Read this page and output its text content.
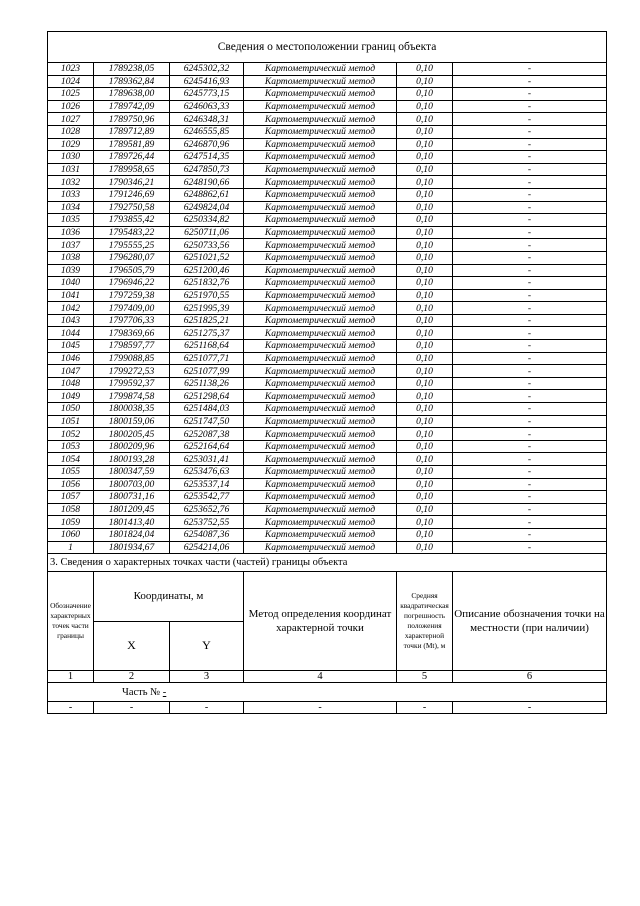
Сведения о местоположении границ объекта					
1023	1789238,05	6245302,32	Картометрический метод	0,10	-
1024	1789362,84	6245416,93	Картометрический метод	0,10	-
1025	1789638,00	6245773,15	Картометрический метод	0,10	-
1026	1789742,09	6246063,33	Картометрический метод	0,10	-
1027	1789750,96	6246348,31	Картометрический метод	0,10	-
1028	1789712,89	6246555,85	Картометрический метод	0,10	-
1029	1789581,89	6246870,96	Картометрический метод	0,10	-
1030	1789726,44	6247514,35	Картометрический метод	0,10	-
1031	1789958,65	6247850,73	Картометрический метод	0,10	-
1032	1790346,21	6248190,66	Картометрический метод	0,10	-
1033	1791246,69	6248862,61	Картометрический метод	0,10	-
1034	1792750,58	6249824,04	Картометрический метод	0,10	-
1035	1793855,42	6250334,82	Картометрический метод	0,10	-
1036	1795483,22	6250711,06	Картометрический метод	0,10	-
1037	1795555,25	6250733,56	Картометрический метод	0,10	-
1038	1796280,07	6251021,52	Картометрический метод	0,10	-
1039	1796505,79	6251200,46	Картометрический метод	0,10	-
1040	1796946,22	6251832,76	Картометрический метод	0,10	-
1041	1797259,38	6251970,55	Картометрический метод	0,10	-
1042	1797409,00	6251995,39	Картометрический метод	0,10	-
1043	1797706,33	6251825,21	Картометрический метод	0,10	-
1044	1798369,66	6251275,37	Картометрический метод	0,10	-
1045	1798597,77	6251168,64	Картометрический метод	0,10	-
1046	1799088,85	6251077,71	Картометрический метод	0,10	-
1047	1799272,53	6251077,99	Картометрический метод	0,10	-
1048	1799592,37	6251138,26	Картометрический метод	0,10	-
1049	1799874,58	6251298,64	Картометрический метод	0,10	-
1050	1800038,35	6251484,03	Картометрический метод	0,10	-
1051	1800159,06	6251747,50	Картометрический метод	0,10	-
1052	1800205,45	6252087,38	Картометрический метод	0,10	-
1053	1800209,96	6252164,64	Картометрический метод	0,10	-
1054	1800193,28	6253031,41	Картометрический метод	0,10	-
1055	1800347,59	6253476,63	Картометрический метод	0,10	-
1056	1800703,00	6253537,14	Картометрический метод	0,10	-
1057	1800731,16	6253542,77	Картометрический метод	0,10	-
1058	1801209,45	6253652,76	Картометрический метод	0,10	-
1059	1801413,40	6253752,55	Картометрический метод	0,10	-
1060	1801824,04	6254087,36	Картометрический метод	0,10	-
1	1801934,67	6254214,06	Картометрический метод	0,10	-
3. Сведения о характерных точках части (частей) границы объекта					
Обозначение характерных точек части границы	Координаты, м		Метод определения координат характерной точки	Средняя квадратическая погрешность положения характерной точки (Mt), м	Описание обозначения точки на местности (при наличии)
	X	Y			
1	2	3	4	5	6
Часть № -					
-	-	-	-	-	-
